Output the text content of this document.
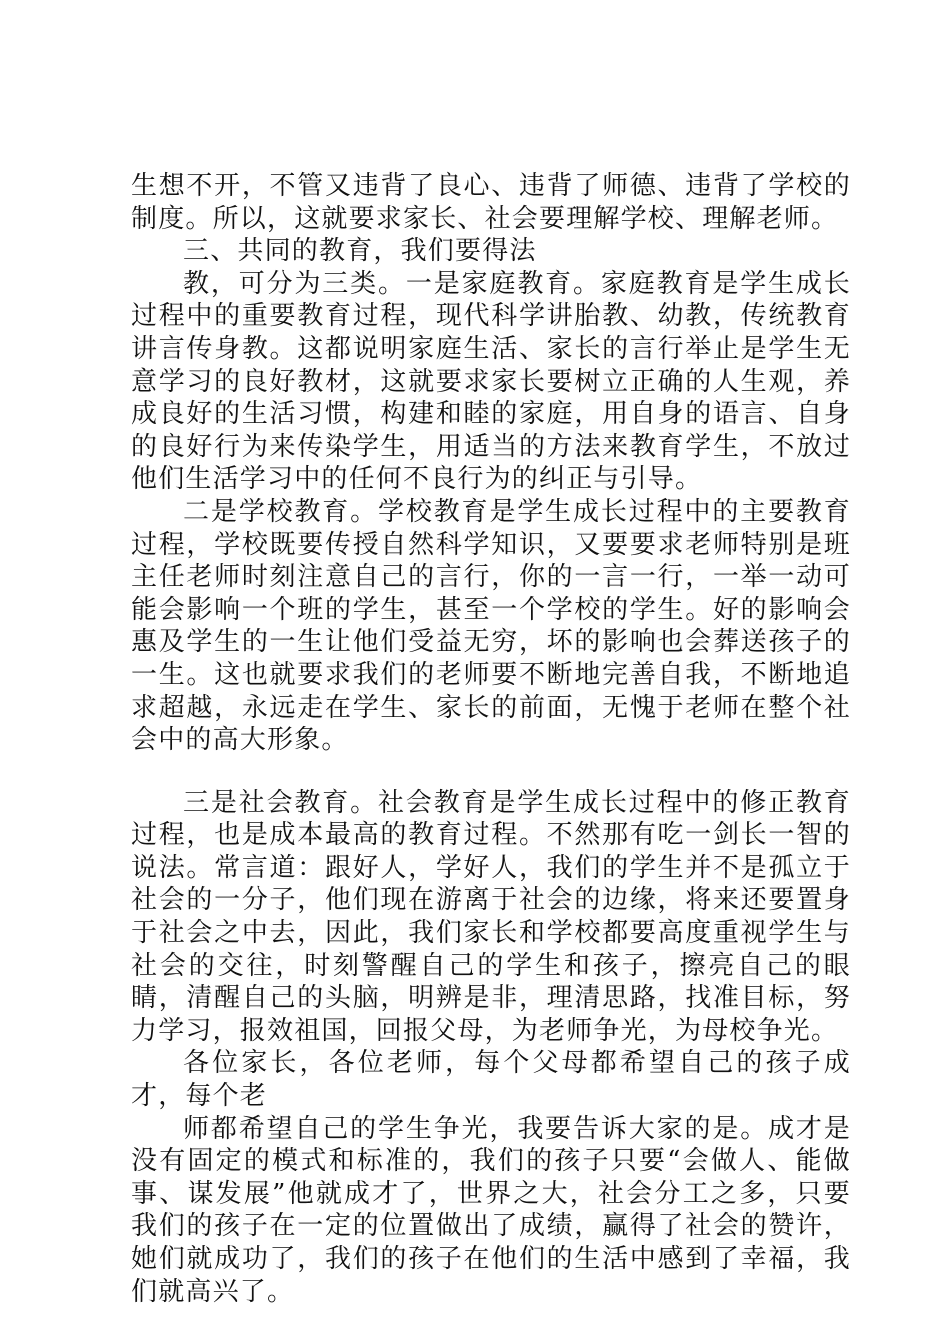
生想不开，不管又违背了良心、违背了师德、违背了学校的制度。所以，这就要求家长、社会要理解学校、理解老师。

三、共同的教育，我们要得法

教，可分为三类。一是家庭教育。家庭教育是学生成长过程中的重要教育过程，现代科学讲胎教、幼教，传统教育讲言传身教。这都说明家庭生活、家长的言行举止是学生无意学习的良好教材，这就要求家长要树立正确的人生观，养成良好的生活习惯，构建和睦的家庭，用自身的语言、自身的良好行为来传染学生，用适当的方法来教育学生，不放过他们生活学习中的任何不良行为的纠正与引导。

二是学校教育。学校教育是学生成长过程中的主要教育过程，学校既要传授自然科学知识，又要要求老师特别是班主任老师时刻注意自己的言行，你的一言一行，一举一动可能会影响一个班的学生，甚至一个学校的学生。好的影响会惠及学生的一生让他们受益无穷，坏的影响也会葬送孩子的一生。这也就要求我们的老师要不断地完善自我，不断地追求超越，永远走在学生、家长的前面，无愧于老师在整个社会中的高大形象。

三是社会教育。社会教育是学生成长过程中的修正教育过程，也是成本最高的教育过程。不然那有吃一剑长一智的说法。常言道：跟好人，学好人，我们的学生并不是孤立于社会的一分子，他们现在游离于社会的边缘，将来还要置身于社会之中去，因此，我们家长和学校都要高度重视学生与社会的交往，时刻警醒自己的学生和孩子，擦亮自己的眼睛，清醒自己的头脑，明辨是非，理清思路，找准目标，努力学习，报效祖国，回报父母，为老师争光，为母校争光。

各位家长，各位老师，每个父母都希望自己的孩子成才，每个老

师都希望自己的学生争光，我要告诉大家的是。成才是没有固定的模式和标准的，我们的孩子只要“会做人、能做事、谋发展”他就成才了，世界之大，社会分工之多，只要我们的孩子在一定的位置做出了成绩，赢得了社会的赞许，她们就成功了，我们的孩子在他们的生活中感到了幸福，我们就高兴了。
